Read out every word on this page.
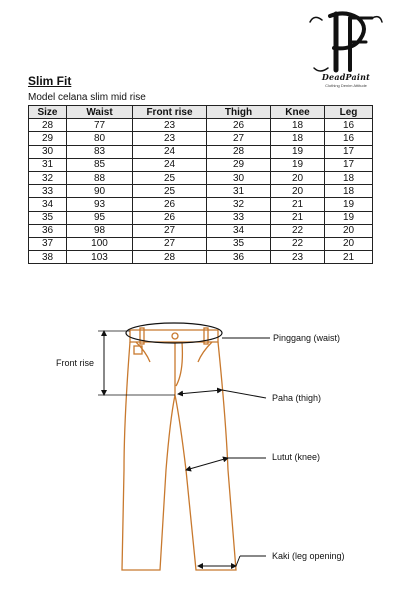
DeadPaint
Clothing Denim Attitude
Slim Fit
Model celana slim mid rise
Size	Waist	Front rise	Thigh	Knee	Leg
28	77	23	26	18	16
29	80	23	27	18	16
30	83	24	28	19	17
31	85	24	29	19	17
32	88	25	30	20	18
33	90	25	31	20	18
34	93	26	32	21	19
35	95	26	33	21	19
36	98	27	34	22	20
37	100	27	35	22	20
38	103	28	36	23	21
Front rise
Pinggang (waist)
Paha (thigh)
Lutut (knee)
Kaki (leg opening)
